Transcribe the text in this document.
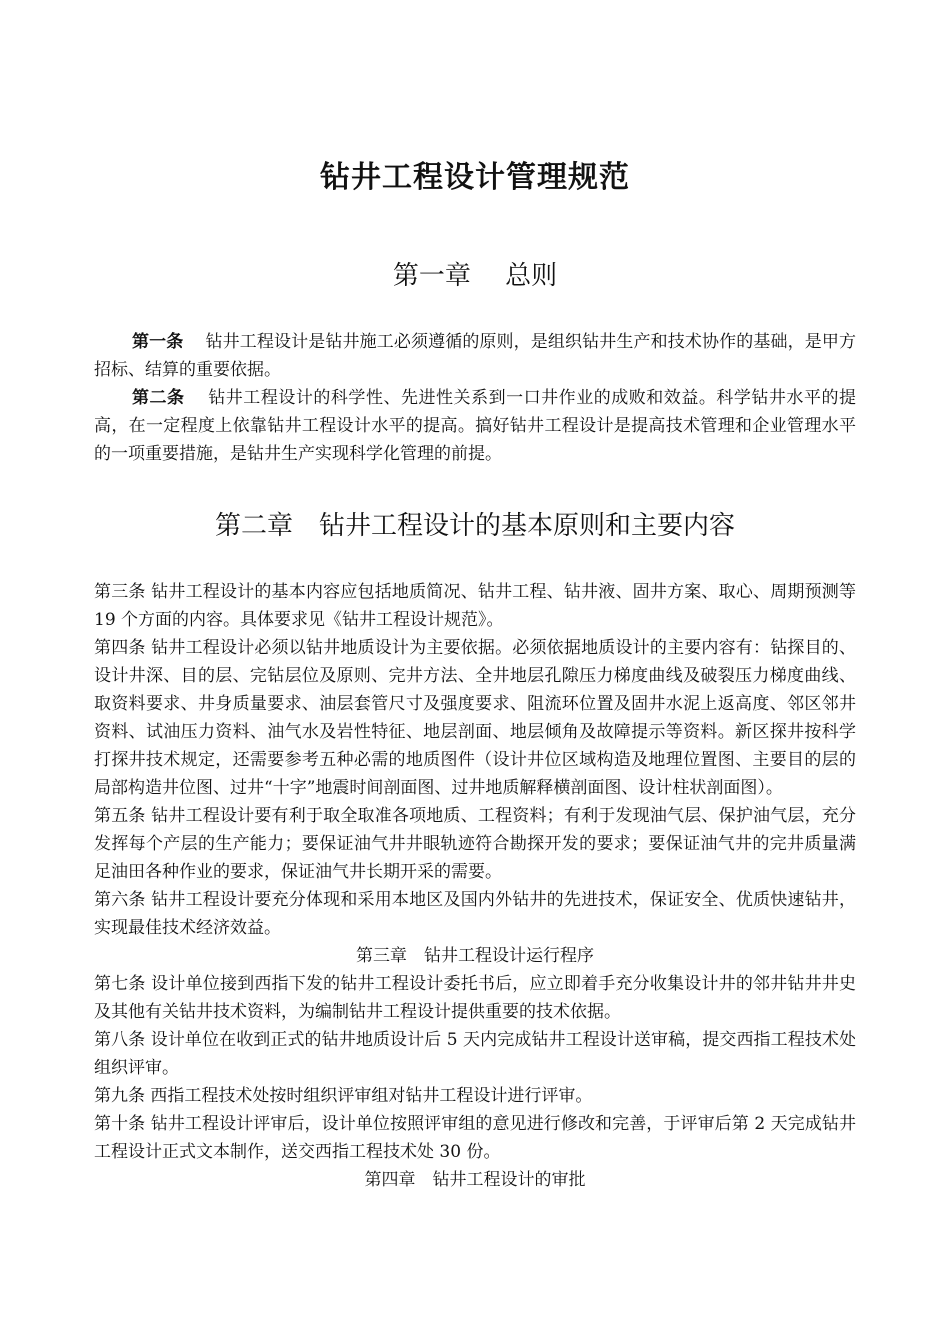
钻井工程设计管理规范
第一章　 总则

第一条 钻井工程设计是钻井施工必须遵循的原则，是组织钻井生产和技术协作的基础，是甲方招标、结算的重要依据。

第二条 钻井工程设计的科学性、先进性关系到一口井作业的成败和效益。科学钻井水平的提高，在一定程度上依靠钻井工程设计水平的提高。搞好钻井工程设计是提高技术管理和企业管理水平的一项重要措施，是钻井生产实现科学化管理的前提。

第二章　钻井工程设计的基本原则和主要内容

第三条 钻井工程设计的基本内容应包括地质简况、钻井工程、钻井液、固井方案、取心、周期预测等 19 个方面的内容。具体要求见《钻井工程设计规范》。

第四条 钻井工程设计必须以钻井地质设计为主要依据。必须依据地质设计的主要内容有：钻探目的、设计井深、目的层、完钻层位及原则、完井方法、全井地层孔隙压力梯度曲线及破裂压力梯度曲线、取资料要求、井身质量要求、油层套管尺寸及强度要求、阻流环位置及固井水泥上返高度、邻区邻井资料、试油压力资料、油气水及岩性特征、地层剖面、地层倾角及故障提示等资料。新区探井按科学打探井技术规定，还需要参考五种必需的地质图件（设计井位区域构造及地理位置图、主要目的层的局部构造井位图、过井“十字”地震时间剖面图、过井地质解释横剖面图、设计柱状剖面图）。

第五条 钻井工程设计要有利于取全取准各项地质、工程资料；有利于发现油气层、保护油气层，充分发挥每个产层的生产能力；要保证油气井井眼轨迹符合勘探开发的要求；要保证油气井的完井质量满足油田各种作业的要求，保证油气井长期开采的需要。

第六条 钻井工程设计要充分体现和采用本地区及国内外钻井的先进技术，保证安全、优质快速钻井，实现最佳技术经济效益。

第三章　钻井工程设计运行程序

第七条 设计单位接到西指下发的钻井工程设计委托书后，应立即着手充分收集设计井的邻井钻井井史及其他有关钻井技术资料，为编制钻井工程设计提供重要的技术依据。

第八条 设计单位在收到正式的钻井地质设计后 5 天内完成钻井工程设计送审稿，提交西指工程技术处组织评审。

第九条 西指工程技术处按时组织评审组对钻井工程设计进行评审。

第十条 钻井工程设计评审后，设计单位按照评审组的意见进行修改和完善，于评审后第 2 天完成钻井工程设计正式文本制作，送交西指工程技术处 30 份。

第四章　钻井工程设计的审批
